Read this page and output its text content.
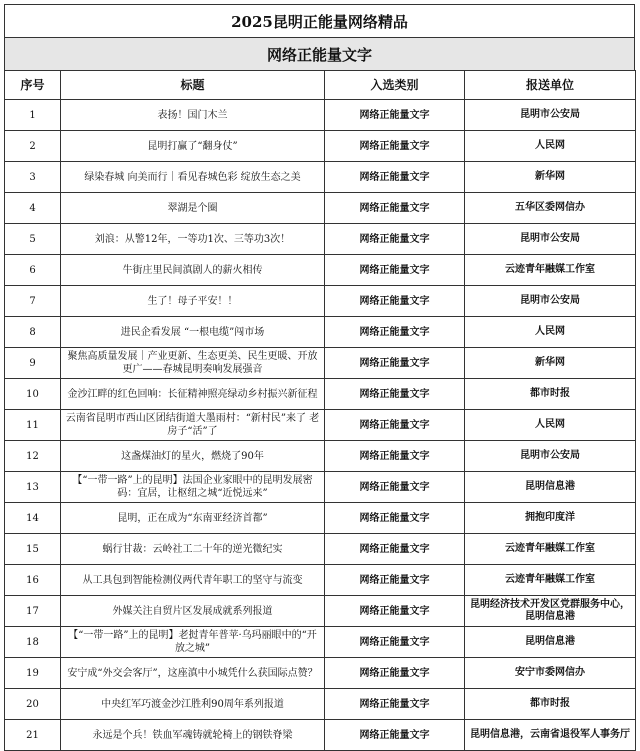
2025昆明正能量网络精品
网络正能量文字
序号	标题	入选类别	报送单位
1	表扬！国门木兰	网络正能量文字	昆明市公安局
2	昆明打赢了“翻身仗”	网络正能量文字	人民网
3	绿染春城 向美而行｜看见春城色彩 绽放生态之美	网络正能量文字	新华网
4	翠湖是个圈	网络正能量文字	五华区委网信办
5	刘浪：从警12年，一等功1次、三等功3次！	网络正能量文字	昆明市公安局
6	牛街庄里民间滇剧人的薪火相传	网络正能量文字	云迹青年融媒工作室
7	生了！母子平安！！	网络正能量文字	昆明市公安局
8	进民企看发展 “一根电缆”闯市场	网络正能量文字	人民网
9	聚焦高质量发展｜产业更新、生态更美、民生更暖、开放更广——春城昆明奏响发展强音	网络正能量文字	新华网
10	金沙江畔的红色回响：长征精神照亮绿动乡村振兴新征程	网络正能量文字	都市时报
11	云南省昆明市西山区团结街道大墨雨村：“新村民”来了 老房子“活”了	网络正能量文字	人民网
12	这盏煤油灯的星火，燃烧了90年	网络正能量文字	昆明市公安局
13	【“一带一路”上的昆明】法国企业家眼中的昆明发展密码：宜居，让枢纽之城“近悦远来”	网络正能量文字	昆明信息港
14	昆明，正在成为“东南亚经济首都”	网络正能量文字	拥抱印度洋
15	蜗行甘裁：云岭社工二十年的逆光微纪实	网络正能量文字	云迹青年融媒工作室
16	从工具包到智能检测仪两代青年职工的坚守与流变	网络正能量文字	云迹青年融媒工作室
17	外媒关注自贸片区发展成就系列报道	网络正能量文字	昆明经济技术开发区党群服务中心，昆明信息港
18	【“一带一路”上的昆明】老挝青年普苹·乌玛丽眼中的“开放之城”	网络正能量文字	昆明信息港
19	安宁成“外交会客厅”，这座滇中小城凭什么获国际点赞？	网络正能量文字	安宁市委网信办
20	中央红军巧渡金沙江胜利90周年系列报道	网络正能量文字	都市时报
21	永远是个兵！铁血军魂铸就轮椅上的钢铁脊梁	网络正能量文字	昆明信息港，云南省退役军人事务厅
